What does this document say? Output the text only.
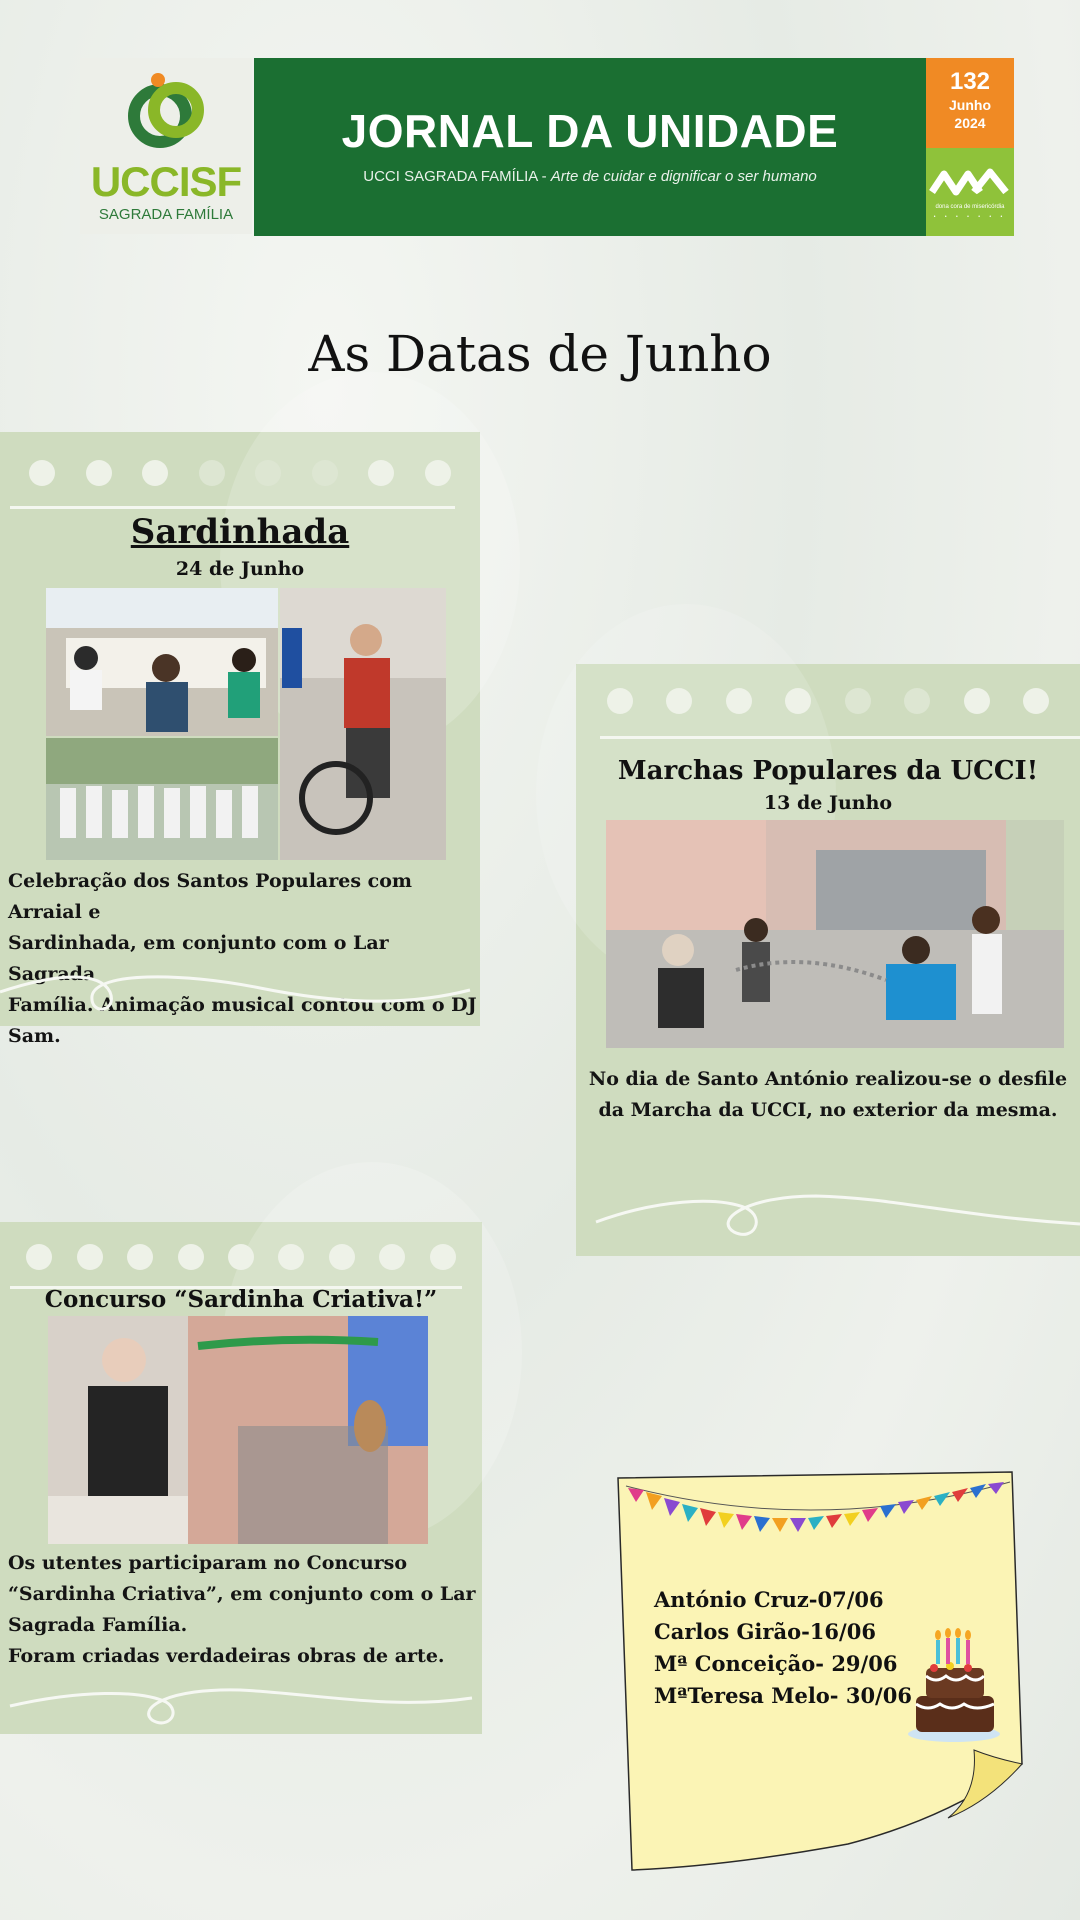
UCCISF
SAGRADA FAMÍLIA
JORNAL DA UNIDADE
UCCI SAGRADA FAMÍLIA - Arte de cuidar e dignificar o ser humano
132
Junho
2024
dona cora de misericórdia
• • • • • • •
As Datas de Junho
Sardinhada
24 de Junho
Celebração dos Santos Populares com Arraial e
Sardinhada, em conjunto com o Lar Sagrada
Família. Animação musical contou com o DJ Sam.
Marchas Populares da UCCI!
13 de Junho
No dia de Santo António realizou-se o desfile
da Marcha da UCCI, no exterior da mesma.
Concurso “Sardinha Criativa!”
Os utentes participaram no Concurso
“Sardinha Criativa”, em conjunto com o Lar
Sagrada Família.
Foram criadas verdadeiras obras de arte.
António Cruz-07/06
Carlos Girão-16/06
Mª Conceição- 29/06
MªTeresa Melo- 30/06
